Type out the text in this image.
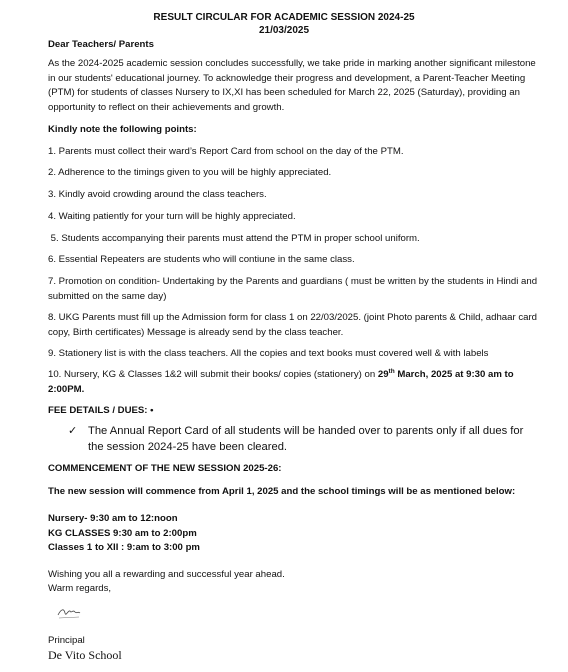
RESULT CIRCULAR FOR ACADEMIC SESSION 2024-25
21/03/2025
Dear Teachers/ Parents
As the 2024-2025 academic session concludes successfully, we take pride in marking another significant milestone in our students' educational journey. To acknowledge their progress and development, a Parent-Teacher Meeting (PTM) for students of classes Nursery to IX,XI has been scheduled for March 22, 2025 (Saturday), providing an opportunity to reflect on their achievements and growth.
Kindly note the following points:
1. Parents must collect their ward’s Report Card from school on the day of the PTM.
2. Adherence to the timings given to you will be highly appreciated.
3. Kindly avoid crowding around the class teachers.
4. Waiting patiently for your turn will be highly appreciated.
5. Students accompanying their parents must attend the PTM in proper school uniform.
6. Essential Repeaters are students who will contiune in the same class.
7. Promotion on condition- Undertaking by the Parents and guardians ( must be written by the students in Hindi and submitted on the same day)
8. UKG Parents must fill up the Admission form for class 1 on 22/03/2025. (joint Photo parents & Child, adhaar card copy, Birth certificates) Message is already send by the class teacher.
9. Stationery list is with the class teachers. All the copies and text books must covered well & with labels
10. Nursery, KG & Classes 1&2 will submit their books/ copies (stationery) on 29th March, 2025 at 9:30 am to 2:00PM.
FEE DETAILS / DUES: •
✓ The Annual Report Card of all students will be handed over to parents only if all dues for the session 2024-25 have been cleared.
COMMENCEMENT OF THE NEW SESSION 2025-26:
The new session will commence from April 1, 2025 and the school timings will be as mentioned below:
Nursery- 9:30 am to 12:noon
KG CLASSES 9:30 am to 2:00pm
Classes 1 to XII : 9:am to 3:00 pm
Wishing you all a rewarding and successful year ahead.
Warm regards,
Principal
De Vito School
